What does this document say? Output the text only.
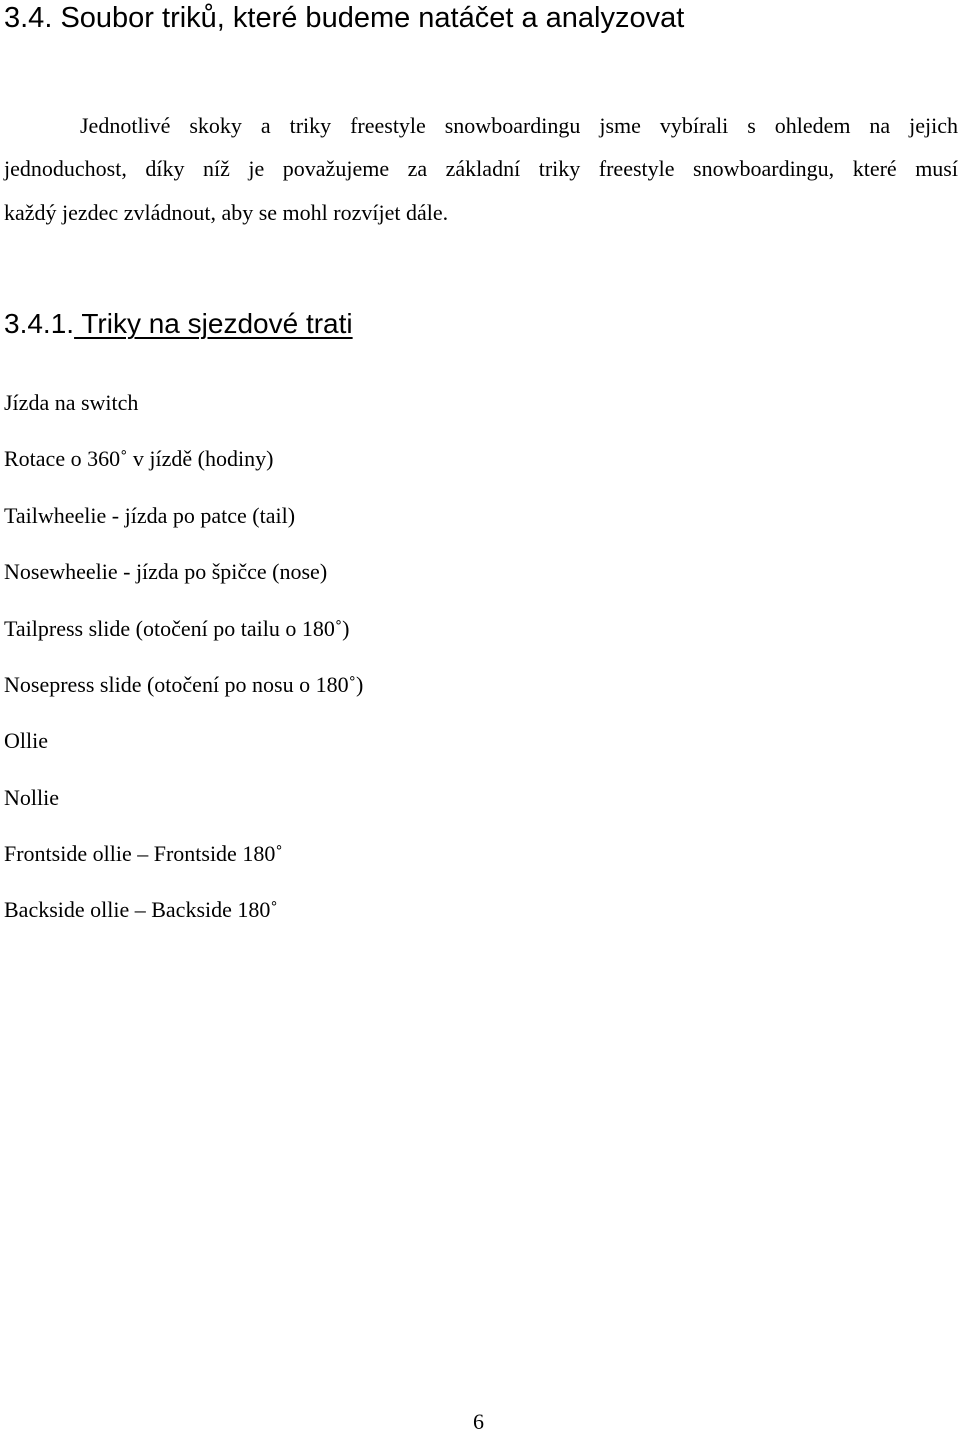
3.4. Soubor triků, které budeme natáčet a analyzovat
Jednotlivé skoky a triky freestyle snowboardingu jsme vybírali s ohledem na jejich
jednoduchost, díky níž je považujeme za základní triky freestyle snowboardingu, které musí
každý jezdec zvládnout, aby se mohl rozvíjet dále.
3.4.1. Triky na sjezdové trati
Jízda na switch
Rotace o 360˚ v jízdě (hodiny)
Tailwheelie - jízda po patce (tail)
Nosewheelie - jízda po špičce (nose)
Tailpress slide (otočení po tailu o 180˚)
Nosepress slide (otočení po nosu o 180˚)
Ollie
Nollie
Frontside ollie – Frontside 180˚
Backside ollie – Backside 180˚
6
